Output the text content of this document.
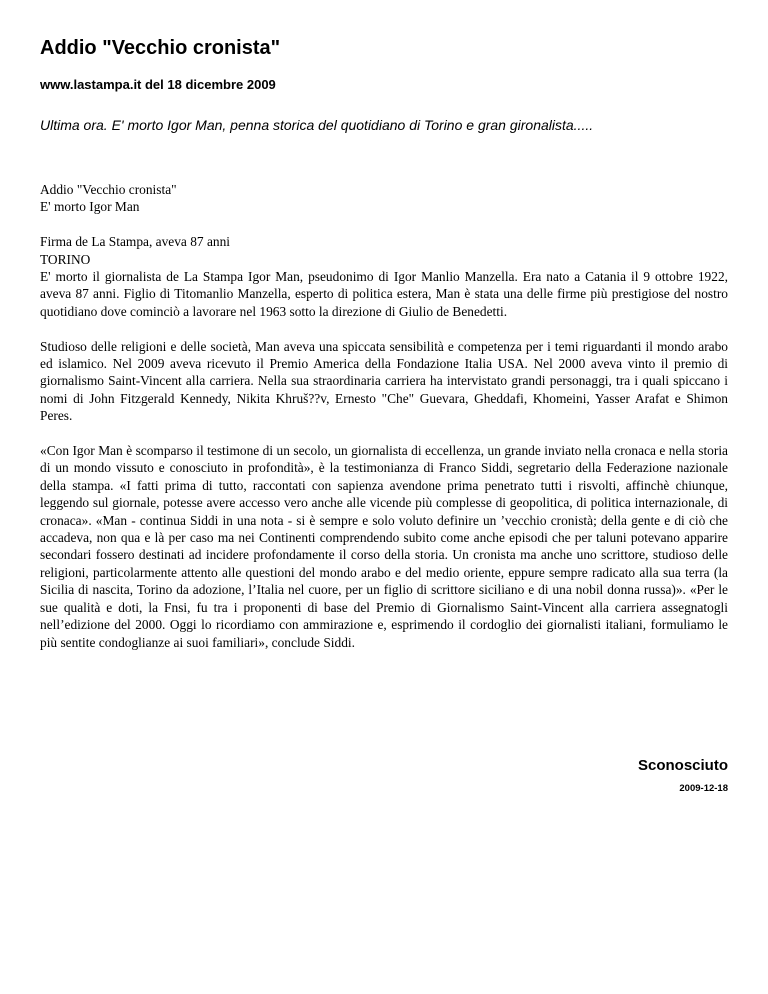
Addio "Vecchio cronista"
www.lastampa.it del 18 dicembre 2009
Ultima ora. E' morto Igor Man, penna storica del quotidiano di Torino e gran gironalista.....

Addio "Vecchio cronista"
E' morto Igor Man

Firma de La Stampa, aveva 87 anni
TORINO

E' morto il giornalista de La Stampa Igor Man, pseudonimo di Igor Manlio Manzella. Era nato a Catania il 9 ottobre 1922, aveva 87 anni. Figlio di Titomanlio Manzella, esperto di politica estera, Man è stata una delle firme più prestigiose del nostro quotidiano dove cominciò a lavorare nel 1963 sotto la direzione di Giulio de Benedetti.

Studioso delle religioni e delle società, Man aveva una spiccata sensibilità e competenza per i temi riguardanti il mondo arabo ed islamico. Nel 2009 aveva ricevuto il Premio America della Fondazione Italia USA. Nel 2000 aveva vinto il premio di giornalismo Saint-Vincent alla carriera. Nella sua straordinaria carriera ha intervistato grandi personaggi, tra i quali spiccano i nomi di John Fitzgerald Kennedy, Nikita Khruš??v, Ernesto "Che" Guevara, Gheddafi, Khomeini, Yasser Arafat e Shimon Peres.

«Con Igor Man è scomparso il testimone di un secolo, un giornalista di eccellenza, un grande inviato nella cronaca e nella storia di un mondo vissuto e conosciuto in profondità», è la testimonianza di Franco Siddi, segretario della Federazione nazionale della stampa. «I fatti prima di tutto, raccontati con sapienza avendone prima penetrato tutti i risvolti, affinchè chiunque, leggendo sul giornale, potesse avere accesso vero anche alle vicende più complesse di geopolitica, di politica internazionale, di cronaca». «Man - continua Siddi in una nota - si è sempre e solo voluto definire un ’vecchio cronistà; della gente e di ciò che accadeva, non qua e là per caso ma nei Continenti comprendendo subito come anche episodi che per taluni potevano apparire secondari fossero destinati ad incidere profondamente il corso della storia. Un cronista ma anche uno scrittore, studioso delle religioni, particolarmente attento alle questioni del mondo arabo e del medio oriente, eppure sempre radicato alla sua terra (la Sicilia di nascita, Torino da adozione, l’Italia nel cuore, per un figlio di scrittore siciliano e di una nobil donna russa)». «Per le sue qualità e doti, la Fnsi, fu tra i proponenti di base del Premio di Giornalismo Saint-Vincent alla carriera assegnatogli nell’edizione del 2000. Oggi lo ricordiamo con ammirazione e, esprimendo il cordoglio dei giornalisti italiani, formuliamo le più sentite condoglianze ai suoi familiari», conclude Siddi.

Sconosciuto
2009-12-18
